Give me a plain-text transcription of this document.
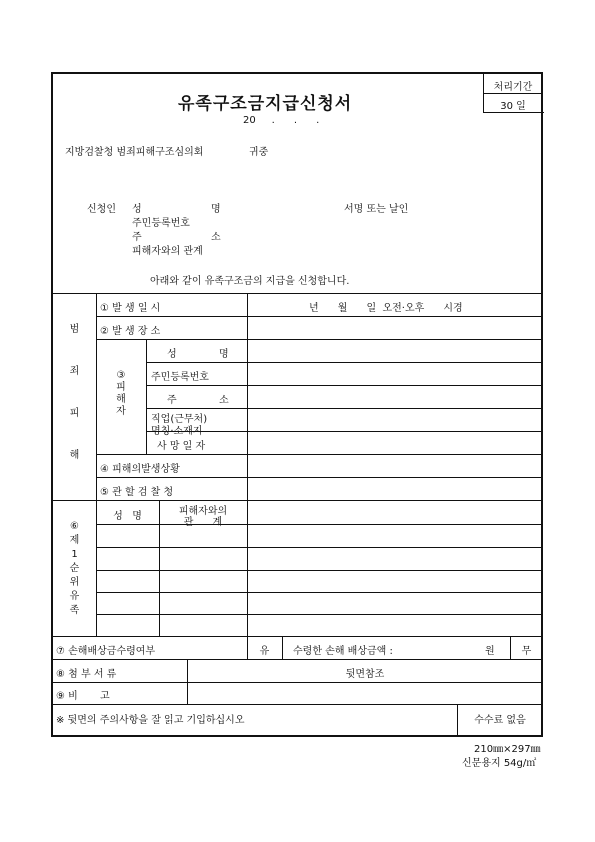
처리기간
30 일
유족구조금지급신청서
20     .      .      .
지방검찰청 범죄피해구조심의회	귀중
신청인 성	명	서명 또는 날인
주민등록번호
주	소
피해자와의 관계
아래와 같이 유족구조금의 지급을 신청합니다.
범
죄
피
해
① 발 생 일 시	년      월      일  오전·오후      시경
② 발 생 장 소
③
피
해
자
성	명
주민등록번호
주	소
직업(근무처)
명칭·소재지
사 망 일 자
④ 피해의발생상황
⑤ 관 할 검 찰 청
⑥
제
1
순
위
유
족
성   명	피해자와의
관      계
⑦ 손해배상금수령여부	유	수령한 손해 배상금액 :	원	무
⑧ 첨 부 서 류	뒷면참조
⑨ 비       고
※ 뒷면의 주의사항을 잘 읽고 기입하십시오	수수료 없음
210㎜×297㎜
신문용지 54g/㎡
